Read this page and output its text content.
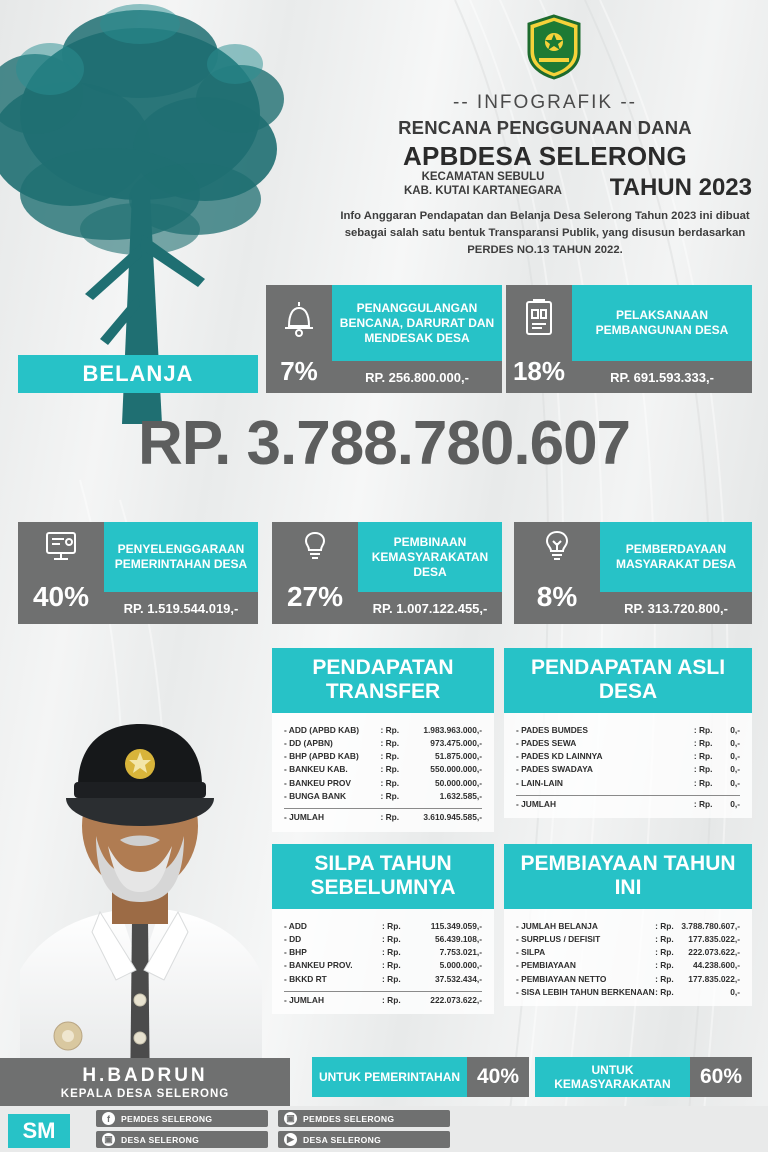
-- INFOGRAFIK --
RENCANA PENGGUNAAN DANA
APBDESA SELERONG
KECAMATAN SEBULU
KAB. KUTAI KARTANEGARA	TAHUN 2023
Info Anggaran Pendapatan dan Belanja Desa Selerong Tahun 2023 ini dibuat sebagai salah satu bentuk Transparansi Publik, yang disusun berdasarkan PERDES NO.13 TAHUN 2022.
BELANJA	7%
PENANGGULANGAN BENCANA, DARURAT DAN MENDESAK DESA
RP. 256.800.000,-	18%
PELAKSANAAN PEMBANGUNAN DESA
RP. 691.593.333,-
RP. 3.788.780.607
40%
PENYELENGGARAAN PEMERINTAHAN DESA
RP. 1.519.544.019,-	27%
PEMBINAAN KEMASYARAKATAN DESA
RP. 1.007.122.455,-	8%
PEMBERDAYAAN MASYARAKAT DESA
RP. 313.720.800,-
PENDAPATAN TRANSFER
- ADD (APBD KAB)	: Rp.	1.983.963.000,-
- DD (APBN)	: Rp.	973.475.000,-
- BHP (APBD KAB)	: Rp.	51.875.000,-
- BANKEU KAB.	: Rp.	550.000.000,-
- BANKEU PROV	: Rp.	50.000.000,-
- BUNGA BANK	: Rp.	1.632.585,-

- JUMLAH	: Rp.	3.610.945.585,-
PENDAPATAN ASLI DESA
- PADES BUMDES	: Rp.	0,-
- PADES SEWA	: Rp.	0,-
- PADES KD LAINNYA	: Rp.	0,-
- PADES SWADAYA	: Rp.	0,-
- LAIN-LAIN	: Rp.	0,-

- JUMLAH	: Rp.	0,-
SILPA TAHUN SEBELUMNYA
- ADD	: Rp.	115.349.059,-
- DD	: Rp.	56.439.108,-
- BHP	: Rp.	7.753.021,-
- BANKEU PROV.	: Rp.	5.000.000,-
- BKKD RT	: Rp.	37.532.434,-

- JUMLAH	: Rp.	222.073.622,-
PEMBIAYAAN TAHUN INI
- JUMLAH BELANJA	: Rp.	3.788.780.607,-
- SURPLUS / DEFISIT	: Rp.	177.835.022,-
- SILPA	: Rp.	222.073.622,-
- PEMBIAYAAN	: Rp.	44.238.600,-
- PEMBIAYAAN NETTO	: Rp.	177.835.022,-
- SISA LEBIH TAHUN BERKENAAN	: Rp.	0,-
H.BADRUN
KEPALA DESA SELERONG
UNTUK PEMERINTAHAN 40%	UNTUK KEMASYARAKATAN	60%
SM	f	PEMDES SELERONG	▣ PEMDES SELERONG
▣ DESA SELERONG	▶	DESA SELERONG
